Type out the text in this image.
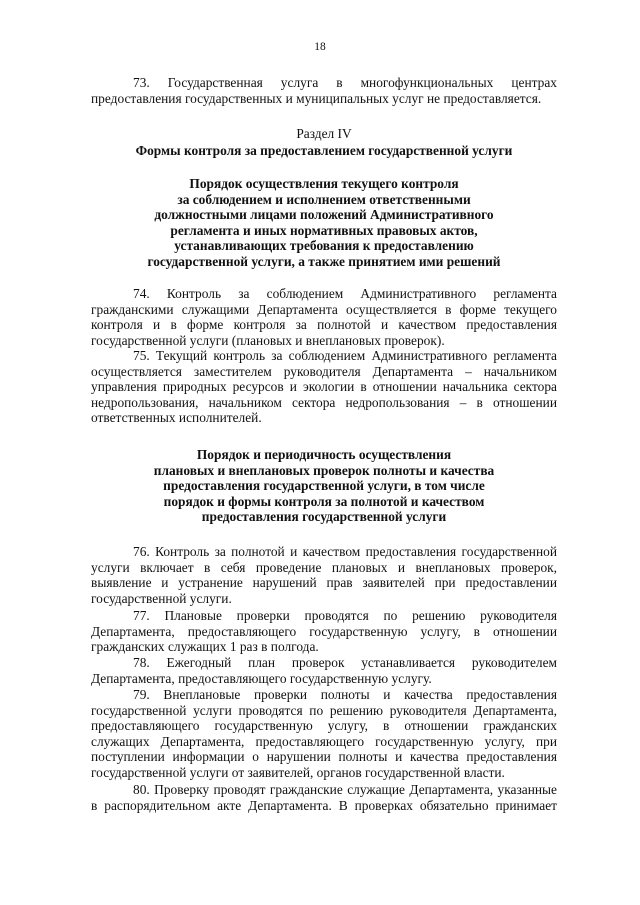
18

73. Государственная услуга в многофункциональных центрах предоставления государственных и муниципальных услуг не предоставляется.

Раздел IV

Формы контроля за предоставлением государственной услуги

Порядок осуществления текущего контроля

за соблюдением и исполнением ответственными

должностными лицами положений Административного

регламента и иных нормативных правовых актов,

устанавливающих требования к предоставлению

государственной услуги, а также принятием ими решений

74. Контроль за соблюдением Административного регламента гражданскими служащими Департамента осуществляется в форме текущего контроля и в форме контроля за полнотой и качеством предоставления государственной услуги (плановых и внеплановых проверок).

75. Текущий контроль за соблюдением Административного регламента осуществляется заместителем руководителя Департамента – начальником управления природных ресурсов и экологии в отношении начальника сектора недропользования, начальником сектора недропользования – в отношении ответственных исполнителей.

Порядок и периодичность осуществления

плановых и внеплановых проверок полноты и качества

предоставления государственной услуги, в том числе

порядок и формы контроля за полнотой и качеством

предоставления государственной услуги

76. Контроль за полнотой и качеством предоставления государственной услуги включает в себя проведение плановых и внеплановых проверок, выявление и устранение нарушений прав заявителей при предоставлении государственной услуги.

77. Плановые проверки проводятся по решению руководителя Департамента, предоставляющего государственную услугу, в отношении гражданских служащих 1 раз в полгода.

78. Ежегодный план проверок устанавливается руководителем Департамента, предоставляющего государственную услугу.

79. Внеплановые проверки полноты и качества предоставления государственной услуги проводятся по решению руководителя Департамента, предоставляющего государственную услугу, в отношении гражданских служащих Департамента, предоставляющего государственную услугу, при поступлении информации о нарушении полноты и качества предоставления государственной услуги от заявителей, органов государственной власти.

80. Проверку проводят гражданские служащие Департамента, указанные в распорядительном акте Департамента. В проверках обязательно принимает
